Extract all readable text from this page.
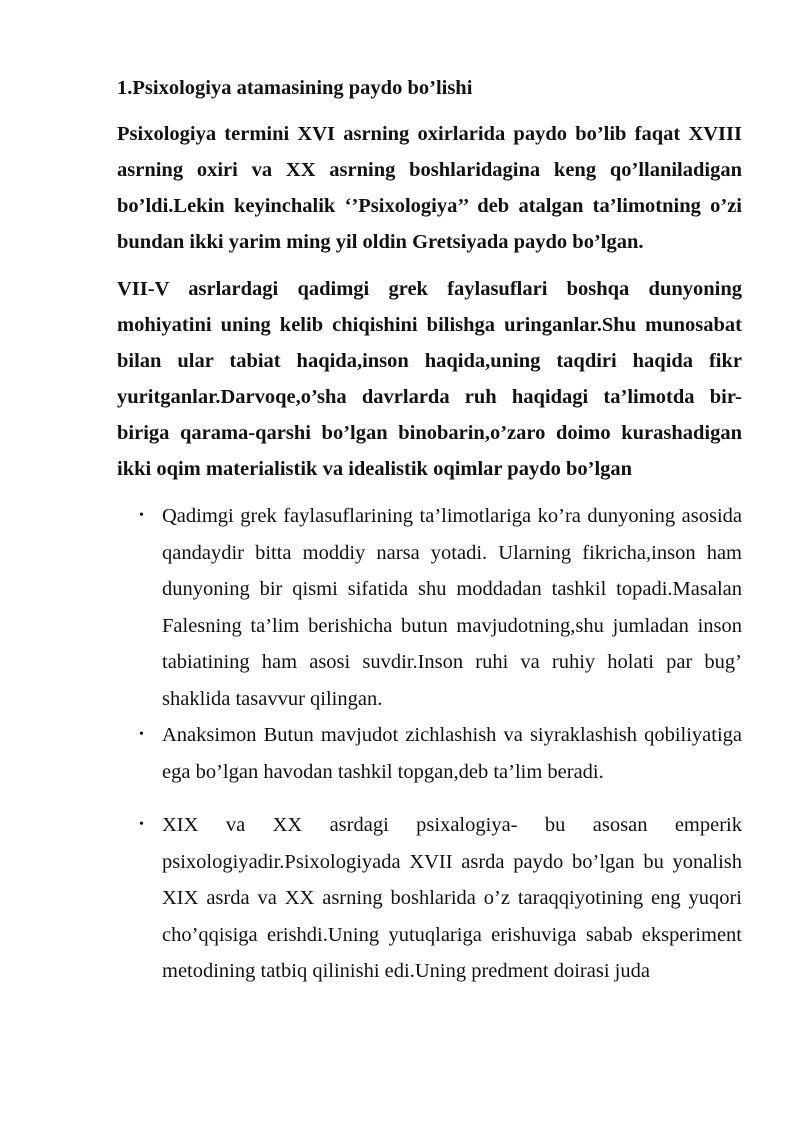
1.Psixologiya atamasining paydo bo’lishi

Psixologiya termini XVI asrning oxirlarida paydo bo’lib faqat XVIII asrning oxiri va XX asrning boshlaridagina keng qo’llaniladigan bo’ldi.Lekin keyinchalik ‘’Psixologiya’’ deb atalgan ta’limotning o’zi bundan ikki yarim ming yil oldin Gretsiyada paydo bo’lgan.

VII-V asrlardagi qadimgi grek faylasuflari boshqa dunyoning mohiyatini uning kelib chiqishini bilishga uringanlar.Shu munosabat bilan ular tabiat haqida,inson haqida,uning taqdiri haqida fikr yuritganlar.Darvoqe,o’sha davrlarda ruh haqidagi ta’limotda bir-biriga qarama-qarshi bo’lgan binobarin,o’zaro doimo kurashadigan ikki oqim materialistik va idealistik oqimlar paydo bo’lgan

• Qadimgi grek faylasuflarining ta’limotlariga ko’ra dunyoning asosida qandaydir bitta moddiy narsa yotadi. Ularning fikricha,inson ham dunyoning bir qismi sifatida shu moddadan tashkil topadi.Masalan Falesning ta’lim berishicha butun mavjudotning,shu jumladan inson tabiatining ham asosi suvdir.Inson ruhi va ruhiy holati par bug’ shaklida tasavvur qilingan.
• Anaksimon Butun mavjudot zichlashish va siyraklashish qobiliyatiga ega bo’lgan havodan tashkil topgan,deb ta’lim beradi.
• XIX va XX asrdagi psixalogiya- bu asosan emperik psixologiyadir.Psixologiyada XVII asrda paydo bo’lgan bu yonalish XIX asrda va XX asrning boshlarida o’z taraqqiyotining eng yuqori cho’qqisiga erishdi.Uning yutuqlariga erishuviga sabab eksperiment metodining tatbiq qilinishi edi.Uning predment doirasi juda
